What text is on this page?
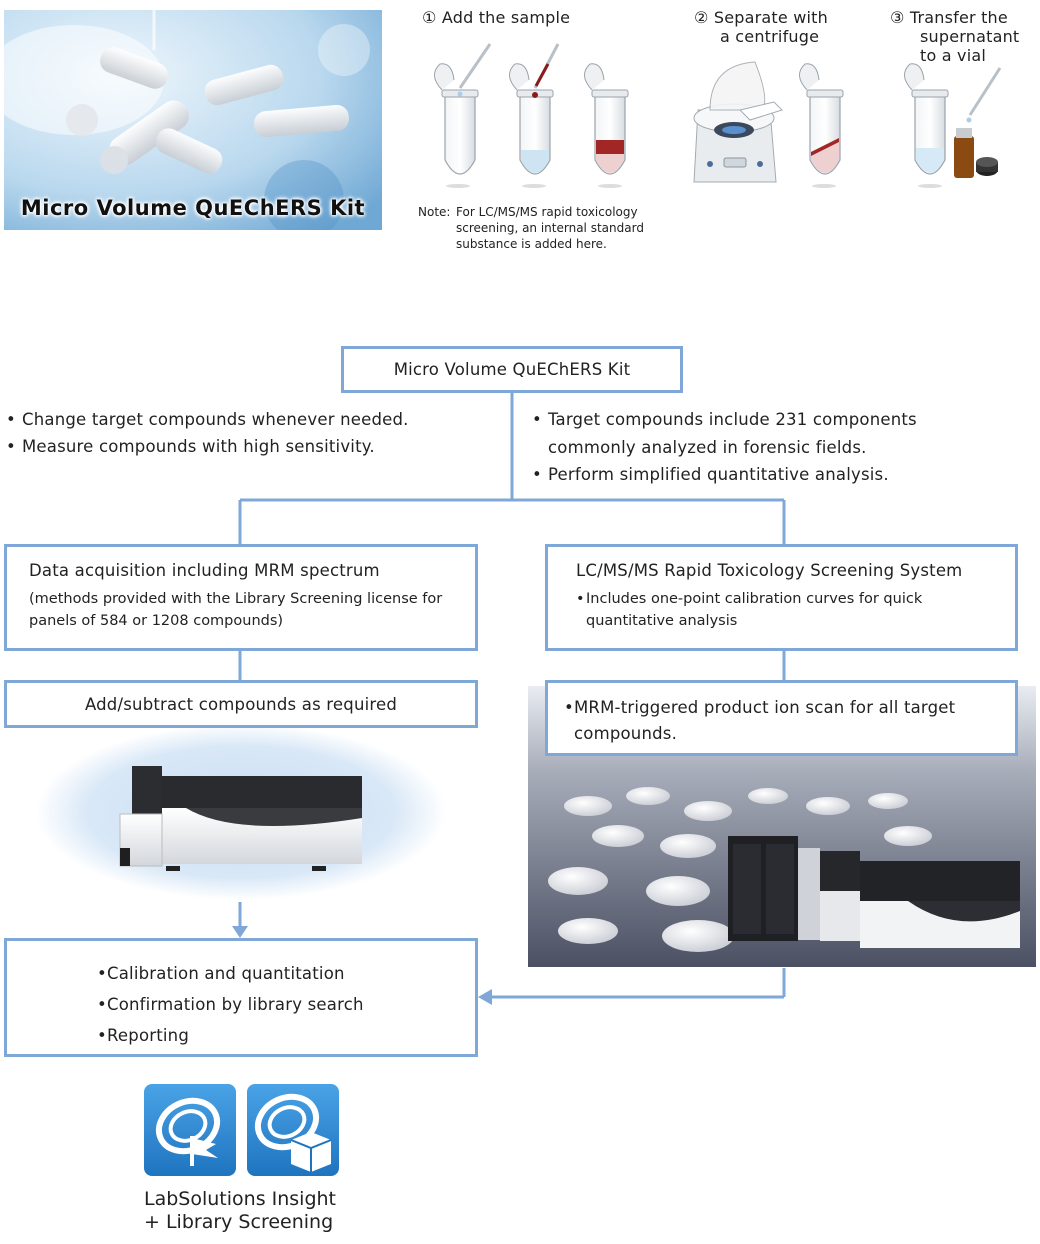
Micro Volume QuEChERS Kit
① Add the sample	② Separate with
a centrifuge
③ Transfer the
supernatant
to a vial
Note: For LC/MS/MS rapid toxicology
screening, an internal standard
substance is added here.
Micro Volume QuEChERS Kit
• Change target compounds whenever needed.
• Measure compounds with high sensitivity.
• Target compounds include 231 components commonly analyzed in forensic fields.
• Perform simplified quantitative analysis.
Data acquisition including MRM spectrum
(methods provided with the Library Screening license for panels of 584 or 1208 compounds)
LC/MS/MS Rapid Toxicology Screening System
• Includes one-point calibration curves for quick quantitative analysis
Add/subtract compounds as required
•	MRM-triggered product ion scan for all target compounds.
• Calibration and quantitation
• Confirmation by library search
• Reporting
LabSolutions Insight
+ Library Screening
